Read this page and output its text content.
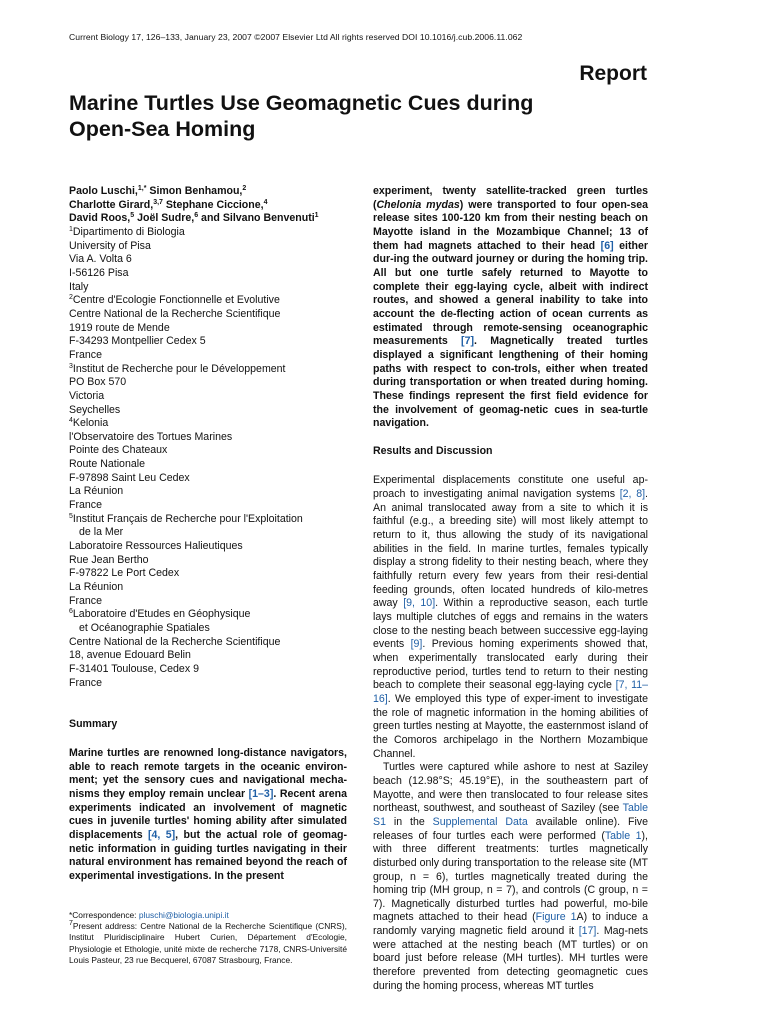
Current Biology 17, 126–133, January 23, 2007 ©2007 Elsevier Ltd All rights reserved DOI 10.1016/j.cub.2006.11.062
Report
Marine Turtles Use Geomagnetic Cues during Open-Sea Homing
Paolo Luschi,$^{1,*}$ Simon Benhamou,$^2$
Charlotte Girard,$^{3,7}$ Stephane Ciccione,$^4$
David Roos,$^5$ Joël Sudre,$^6$ and Silvano Benvenuti$^1$
$^1$Dipartimento di Biologia
University of Pisa
Via A. Volta 6
I-56126 Pisa
Italy
$^2$Centre d'Ecologie Fonctionnelle et Evolutive
Centre National de la Recherche Scientifique
1919 route de Mende
F-34293 Montpellier Cedex 5
France
$^3$Institut de Recherche pour le Développement
PO Box 570
Victoria
Seychelles
$^4$Kelonia
l'Observatoire des Tortues Marines
Pointe des Chateaux
Route Nationale
F-97898 Saint Leu Cedex
La Réunion
France
$^5$Institut Français de Recherche pour l'Exploitation
de la Mer
Laboratoire Ressources Halieutiques
Rue Jean Bertho
F-97822 Le Port Cedex
La Réunion
France
$^6$Laboratoire d'Etudes en Géophysique
et Océanographie Spatiales
Centre National de la Recherche Scientifique
18, avenue Edouard Belin
F-31401 Toulouse, Cedex 9
France
Summary
Marine turtles are renowned long-distance navigators, able to reach remote targets in the oceanic environ- ment; yet the sensory cues and navigational mecha-nisms they employ remain unclear [1–3]. Recent arena experiments indicated an involvement of magnetic cues in juvenile turtles' homing ability after simulated displacements [4, 5], but the actual role of geomag-netic information in guiding turtles navigating in their natural environment has remained beyond the reach of experimental investigations. In the present

experiment, twenty satellite-tracked green turtles (Chelonia mydas) were transported to four open-sea release sites 100-120 km from their nesting beach on Mayotte island in the Mozambique Channel; 13 of them had magnets attached to their head [6] either dur-ing the outward journey or during the homing trip. All but one turtle safely returned to Mayotte to complete their egg-laying cycle, albeit with indirect routes, and showed a general inability to take into account the de-flecting action of ocean currents as estimated through remote-sensing oceanographic measurements [7]. Magnetically treated turtles displayed a significant lengthening of their homing paths with respect to con-trols, either when treated during transportation or when treated during homing. These findings represent the first field evidence for the involvement of geomag-netic cues in sea-turtle navigation.

Results and Discussion

Experimental displacements constitute one useful ap-proach to investigating animal navigation systems [2, 8]. An animal translocated away from a site to which it is faithful (e.g., a breeding site) will most likely attempt to return to it, thus allowing the study of its navigational abilities in the field. In marine turtles, females typically display a strong fidelity to their nesting beach, where they faithfully return every few years from their resi-dential feeding grounds, often located hundreds of kilo-metres away [9, 10]. Within a reproductive season, each turtle lays multiple clutches of eggs and remains in the waters close to the nesting beach between successive egg-laying events [9]. Previous homing experiments showed that, when experimentally translocated early during their reproductive period, turtles tend to return to their nesting beach to complete their seasonal egg-laying cycle [7, 11–16]. We employed this type of exper-iment to investigate the role of magnetic information in the homing abilities of green turtles nesting at Mayotte, the easternmost island of the Comoros archipelago in the Northern Mozambique Channel.

Turtles were captured while ashore to nest at Saziley beach (12.98°S; 45.19°E), in the southeastern part of Mayotte, and were then translocated to four release sites northeast, southwest, and southeast of Saziley (see Table S1 in the Supplemental Data available online). Five releases of four turtles each were performed (Table 1), with three different treatments: turtles magnetically disturbed only during transportation to the release site (MT group, n = 6), turtles magnetically treated during the homing trip (MH group, n = 7), and controls (C group, n = 7). Magnetically disturbed turtles had powerful, mo-bile magnets attached to their head (Figure 1A) to induce a randomly varying magnetic field around it [17]. Mag-nets were attached at the nesting beach (MT turtles) or on board just before release (MH turtles). MH turtles were therefore prevented from detecting geomagnetic cues during the homing process, whereas MT turtles

*Correspondence: pluschi@biologia.unipi.it
$^7$Present address: Centre National de la Recherche Scientifique (CNRS), Institut Pluridisciplinaire Hubert Curien, Département d'Ecologie, Physiologie et Ethologie, unité mixte de recherche 7178, CNRS-Université Louis Pasteur, 23 rue Becquerel, 67087 Strasbourg, France.
